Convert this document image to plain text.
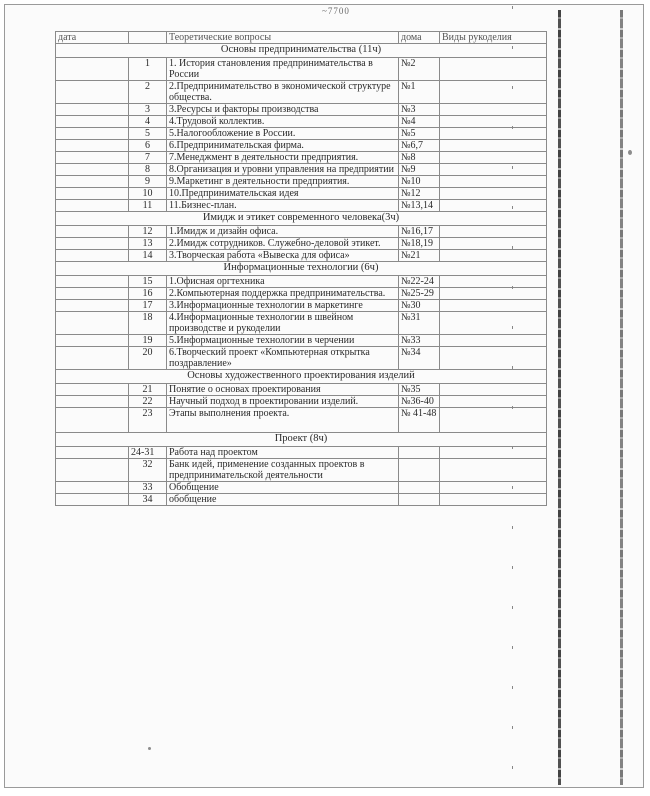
~7700
дата		Теоретические вопросы	дома	Виды рукоделия
Основы предпринимательства (11ч)				
	1	1. История становления предпринимательства в России	№2	
	2	2.Предпринимательство в экономической структуре общества.	№1	
	3	3.Ресурсы и факторы производства	№3	
	4	4.Трудовой коллектив.	№4	
	5	5.Налогообложение в России.	№5	
	6	6.Предпринимательская фирма.	№6,7	
	7	7.Менеджмент в деятельности предприятия.	№8	
	8	8.Организация и уровни управления на предприятии	№9	
	9	9.Маркетинг в деятельности предприятия.	№10	
	10	10.Предпринимательская идея	№12	
	11	11.Бизнес-план.	№13,14	
Имидж и этикет современного человека(3ч)				
	12	1.Имидж и дизайн офиса.	№16,17	
	13	2.Имидж сотрудников. Служебно-деловой этикет.	№18,19	
	14	3.Творческая работа «Вывеска для офиса»	№21	
Информационные технологии (6ч)				
	15	1.Офисная оргтехника	№22-24	
	16	2.Компьютерная поддержка предпринимательства.	№25-29	
	17	3.Информационные технологии в маркетинге	№30	
	18	4.Информационные технологии в швейном производстве и рукоделии	№31	
	19	5.Информационные технологии в черчении	№33	
	20	6.Творческий проект «Компьютерная открытка поздравление»	№34	
Основы художественного проектирования изделий				
	21	Понятие о основах проектирования	№35	
	22	Научный подход в проектировании изделий.	№36-40	
	23	Этапы выполнения проекта.	№ 41-48	
Проект (8ч)				
	24-31	Работа над проектом		
	32	Банк идей, применение созданных проектов в предпринимательской деятельности		
	33	Обобщение		
	34	обобщение		
